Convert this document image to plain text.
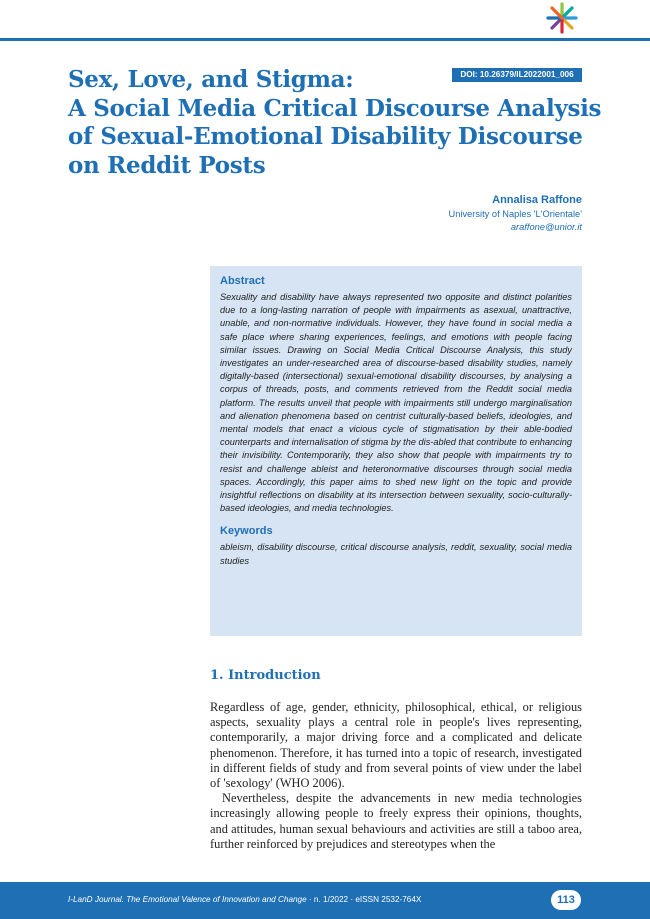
Sex, Love, and Stigma:
A Social Media Critical Discourse Analysis
of Sexual-Emotional Disability Discourse
on Reddit Posts
DOI: 10.26379/IL2022001_006
Annalisa Raffone
University of Naples 'L'Orientale'
araffone@unior.it
Abstract

Sexuality and disability have always represented two opposite and distinct polarities due to a long-lasting narration of people with impairments as asexual, unattractive, unable, and non-normative individuals. However, they have found in social media a safe place where sharing experiences, feelings, and emotions with people facing similar issues. Drawing on Social Media Critical Discourse Analysis, this study investigates an under-researched area of discourse-based disability studies, namely digitally-based (intersectional) sexual-emotional disability discourses, by analysing a corpus of threads, posts, and comments retrieved from the Reddit social media platform. The results unveil that people with impairments still undergo marginalisation and alienation phenomena based on centrist culturally-based beliefs, ideologies, and mental models that enact a vicious cycle of stigmatisation by their able-bodied counterparts and internalisation of stigma by the dis-abled that contribute to enhancing their invisibility. Contemporarily, they also show that people with impairments try to resist and challenge ableist and heteronormative discourses through social media spaces. Accordingly, this paper aims to shed new light on the topic and provide insightful reflections on disability at its intersection between sexuality, socio-culturally-based ideologies, and media technologies.

Keywords

ableism, disability discourse, critical discourse analysis, reddit, sexuality, social media studies

1. Introduction

Regardless of age, gender, ethnicity, philosophical, ethical, or religious aspects, sexuality plays a central role in people's lives representing, contemporarily, a major driving force and a complicated and delicate phenomenon. Therefore, it has turned into a topic of research, investigated in different fields of study and from several points of view under the label of 'sexology' (WHO 2006).

Nevertheless, despite the advancements in new media technologies increasingly allowing people to freely express their opinions, thoughts, and attitudes, human sexual behaviours and activities are still a taboo area, further reinforced by prejudices and stereotypes when the

I-LanD Journal. The Emotional Valence of Innovation and Change · n. 1/2022 · eISSN 2532-764X	113
